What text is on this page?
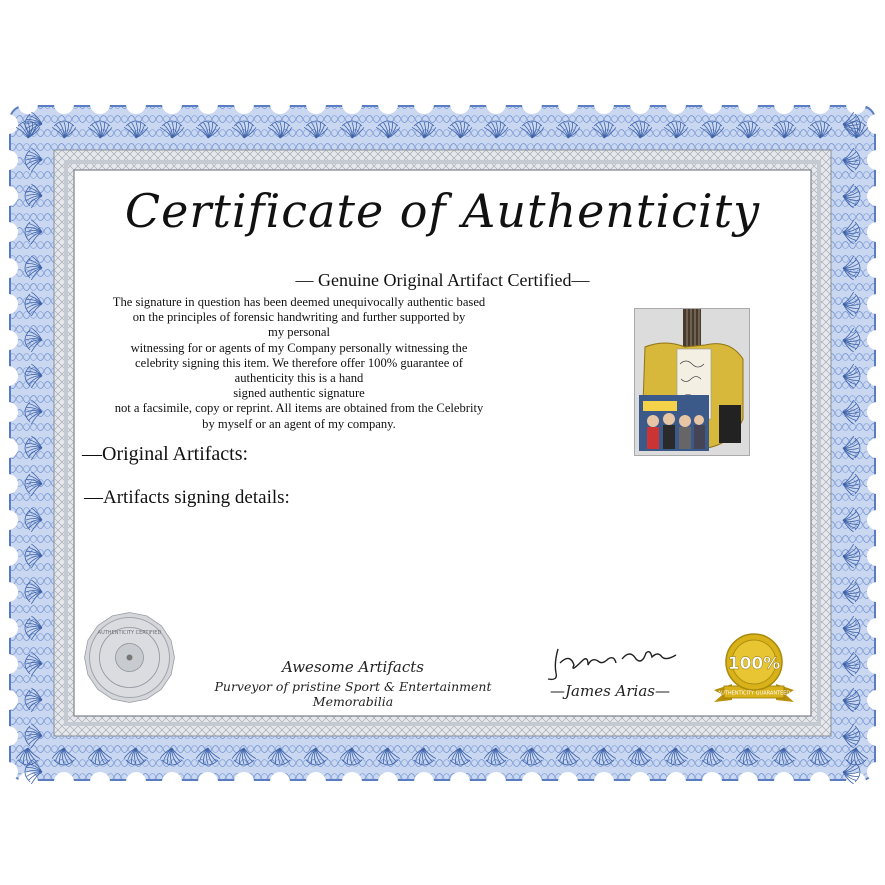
Certificate of Authenticity
— Genuine Original Artifact Certified—
The signature in question has been deemed unequivocally authentic based
on the principles of forensic handwriting and further supported by
my personal
witnessing for or agents of my Company personally witnessing the
celebrity signing this item. We therefore offer 100% guarantee of
authenticity this is a hand
signed authentic signature
not a facsimile, copy or reprint. All items are obtained from the Celebrity
by myself or an agent of my company.
—Original Artifacts:
—Artifacts signing details:
AUTHENTICITY CERTIFIED
Awesome Artifacts
Purveyor of pristine Sport & Entertainment Memorabilia
—James Arias—	AUTHENTICITY GUARANTEED
100%
